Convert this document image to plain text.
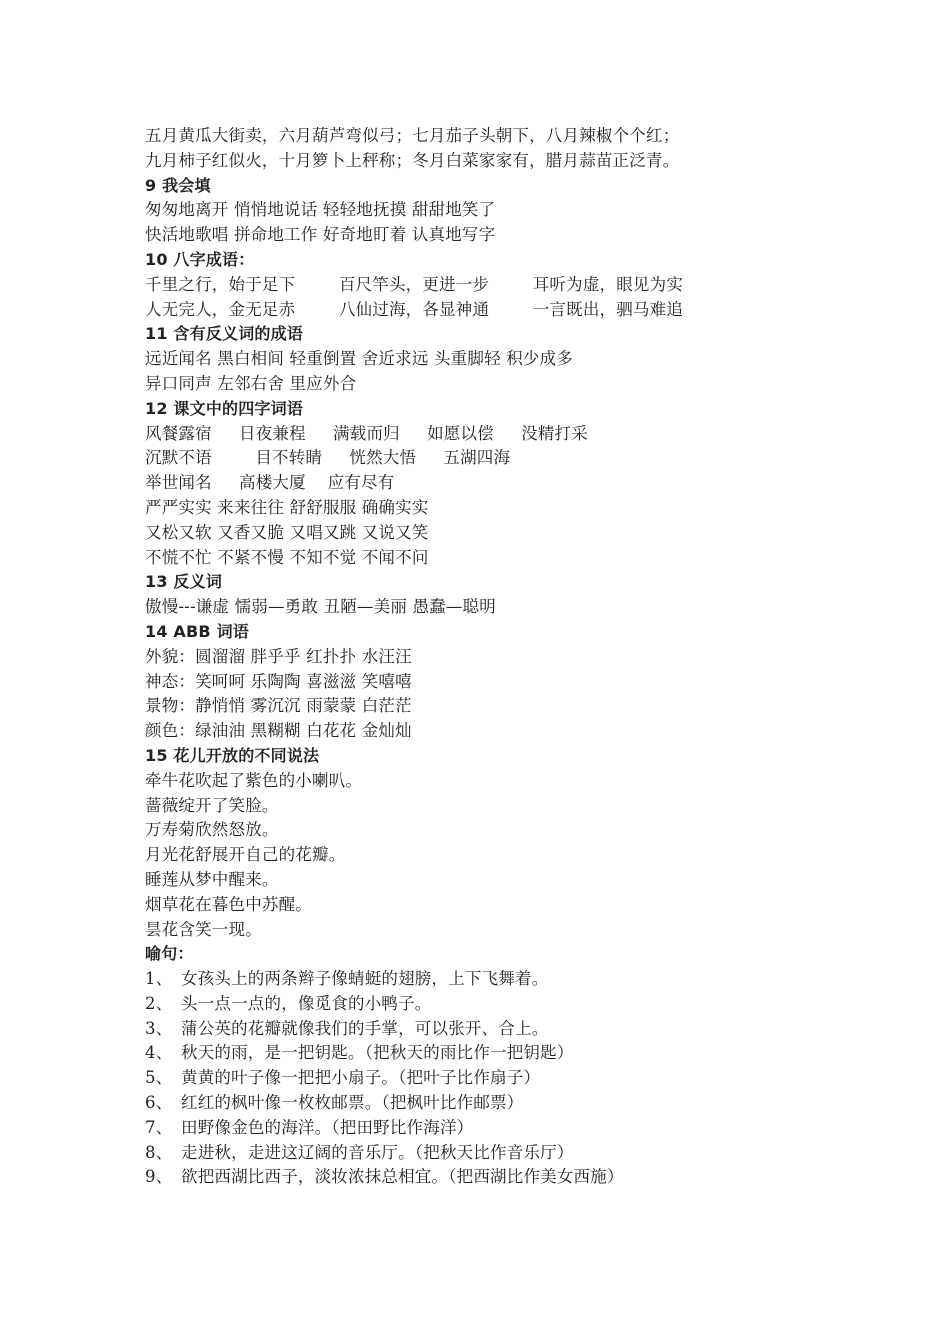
五月黄瓜大街卖，六月葫芦弯似弓；七月茄子头朝下，八月辣椒个个红；
九月柿子红似火，十月箩卜上秤称；冬月白菜家家有，腊月蒜苗正泛青。
9 我会填
匆匆地离开 悄悄地说话 轻轻地抚摸 甜甜地笑了
快活地歌唱 拼命地工作 好奇地盯着 认真地写字
10 八字成语：
千里之行，始于足下        百尺竿头，更进一步        耳听为虚，眼见为实
人无完人，金无足赤        八仙过海，各显神通        一言既出，驷马难追
11 含有反义词的成语
远近闻名 黑白相间 轻重倒置 舍近求远 头重脚轻 积少成多
异口同声 左邻右舍 里应外合
12 课文中的四字词语
风餐露宿     日夜兼程     满载而归     如愿以偿     没精打采
沉默不语        目不转睛     恍然大悟     五湖四海
举世闻名     高楼大厦    应有尽有
严严实实 来来往往 舒舒服服 确确实实
又松又软 又香又脆 又唱又跳 又说又笑
不慌不忙 不紧不慢 不知不觉 不闻不问
13 反义词
傲慢---谦虚 懦弱—勇敢 丑陋—美丽 愚蠢—聪明
14 ABB 词语
外貌：圆溜溜 胖乎乎 红扑扑 水汪汪
神态：笑呵呵 乐陶陶 喜滋滋 笑嘻嘻
景物：静悄悄 雾沉沉 雨蒙蒙 白茫茫
颜色：绿油油 黑糊糊 白花花 金灿灿
15 花儿开放的不同说法
牵牛花吹起了紫色的小喇叭。
蔷薇绽开了笑脸。
万寿菊欣然怒放。
月光花舒展开自己的花瓣。
睡莲从梦中醒来。
烟草花在暮色中苏醒。
昙花含笑一现。
喻句：
1、 女孩头上的两条辫子像蜻蜓的翅膀，上下飞舞着。
2、 头一点一点的，像觅食的小鸭子。
3、 蒲公英的花瓣就像我们的手掌，可以张开、合上。
4、 秋天的雨，是一把钥匙。（把秋天的雨比作一把钥匙）
5、 黄黄的叶子像一把把小扇子。（把叶子比作扇子）
6、 红红的枫叶像一枚枚邮票。（把枫叶比作邮票）
7、 田野像金色的海洋。（把田野比作海洋）
8、 走进秋，走进这辽阔的音乐厅。（把秋天比作音乐厅）
9、 欲把西湖比西子，淡妆浓抹总相宜。（把西湖比作美女西施）
